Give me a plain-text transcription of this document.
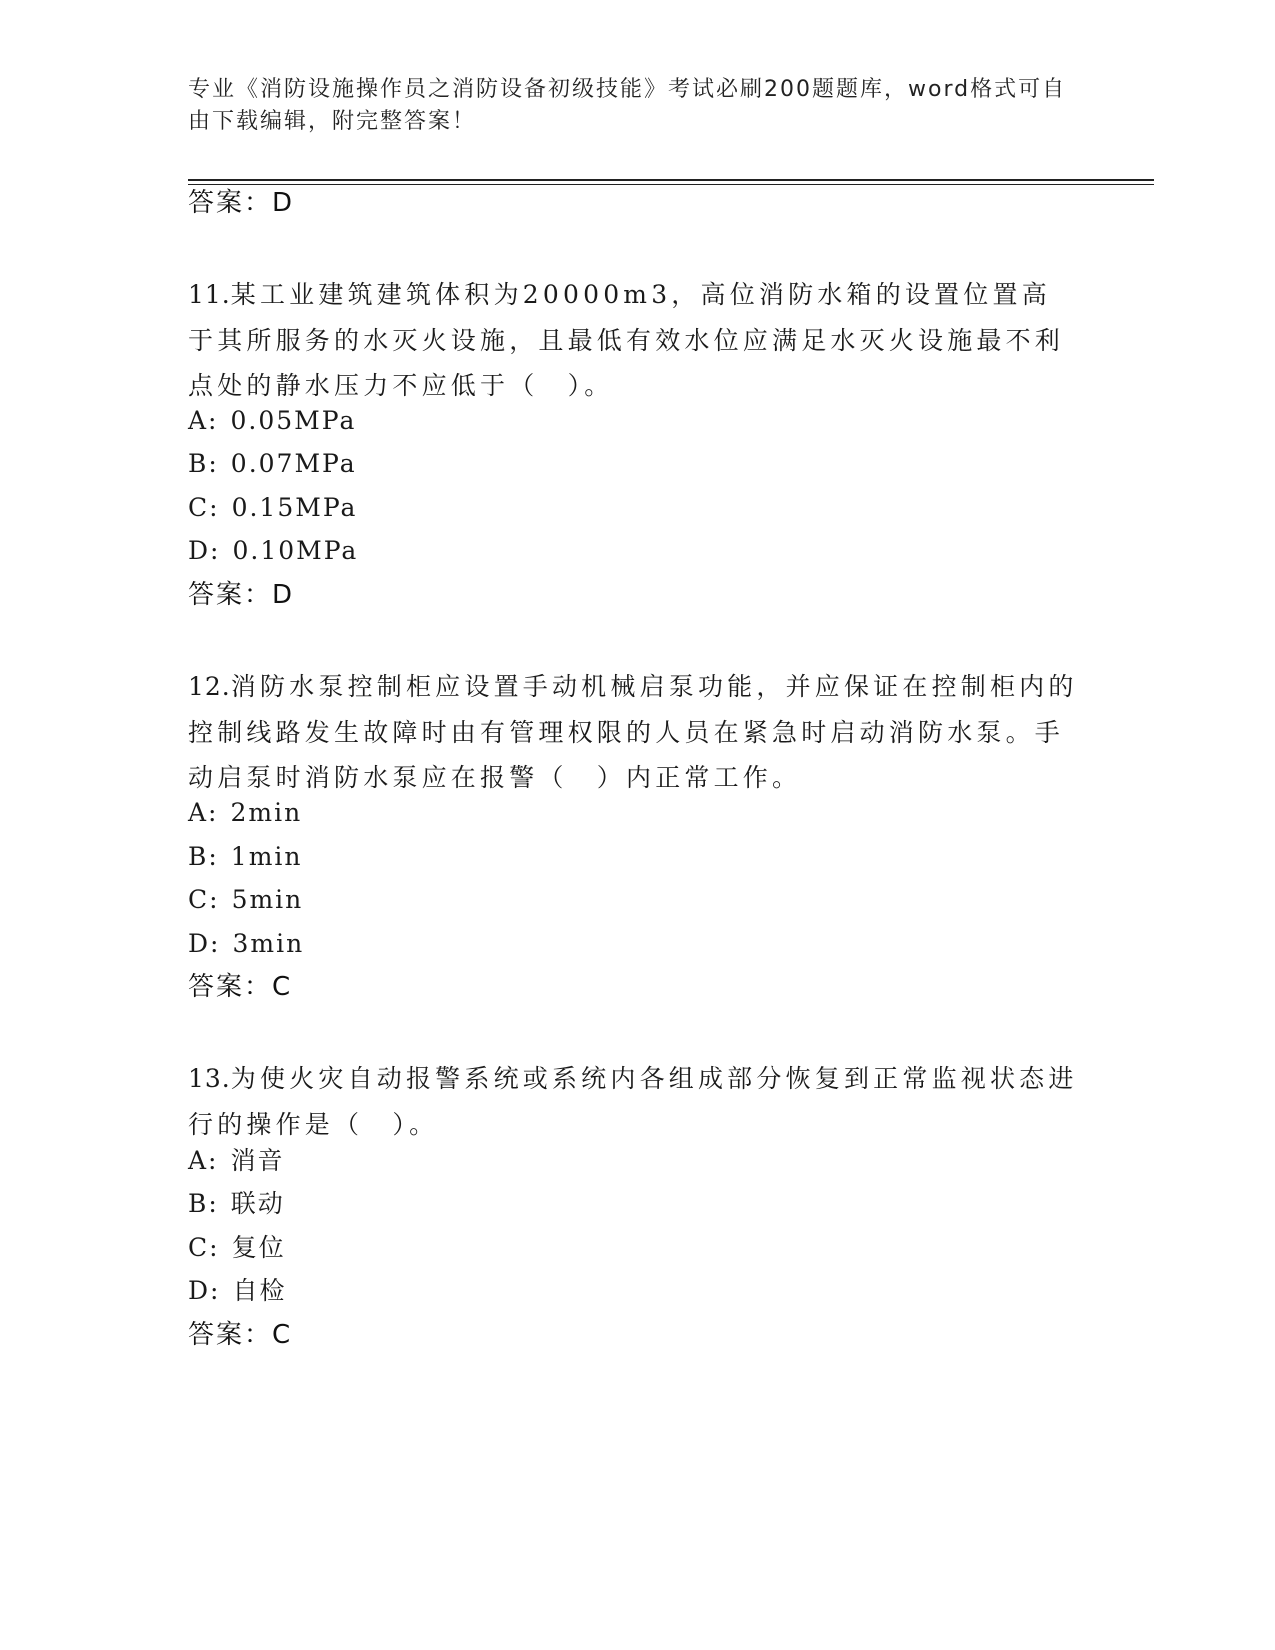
专业《消防设施操作员之消防设备初级技能》考试必刷200题题库，word格式可自由下载编辑，附完整答案！
答案：D
11.某工业建筑建筑体积为20000m3，高位消防水箱的设置位置高于其所服务的水灭火设施，且最低有效水位应满足水灭火设施最不利点处的静水压力不应低于（　）。
A: 0.05MPa
B: 0.07MPa
C: 0.15MPa
D: 0.10MPa
答案：D
12.消防水泵控制柜应设置手动机械启泵功能，并应保证在控制柜内的控制线路发生故障时由有管理权限的人员在紧急时启动消防水泵。手动启泵时消防水泵应在报警（　）内正常工作。
A: 2min
B: 1min
C: 5min
D: 3min
答案：C
13.为使火灾自动报警系统或系统内各组成部分恢复到正常监视状态进行的操作是（　）。
A: 消音
B: 联动
C: 复位
D: 自检
答案：C
